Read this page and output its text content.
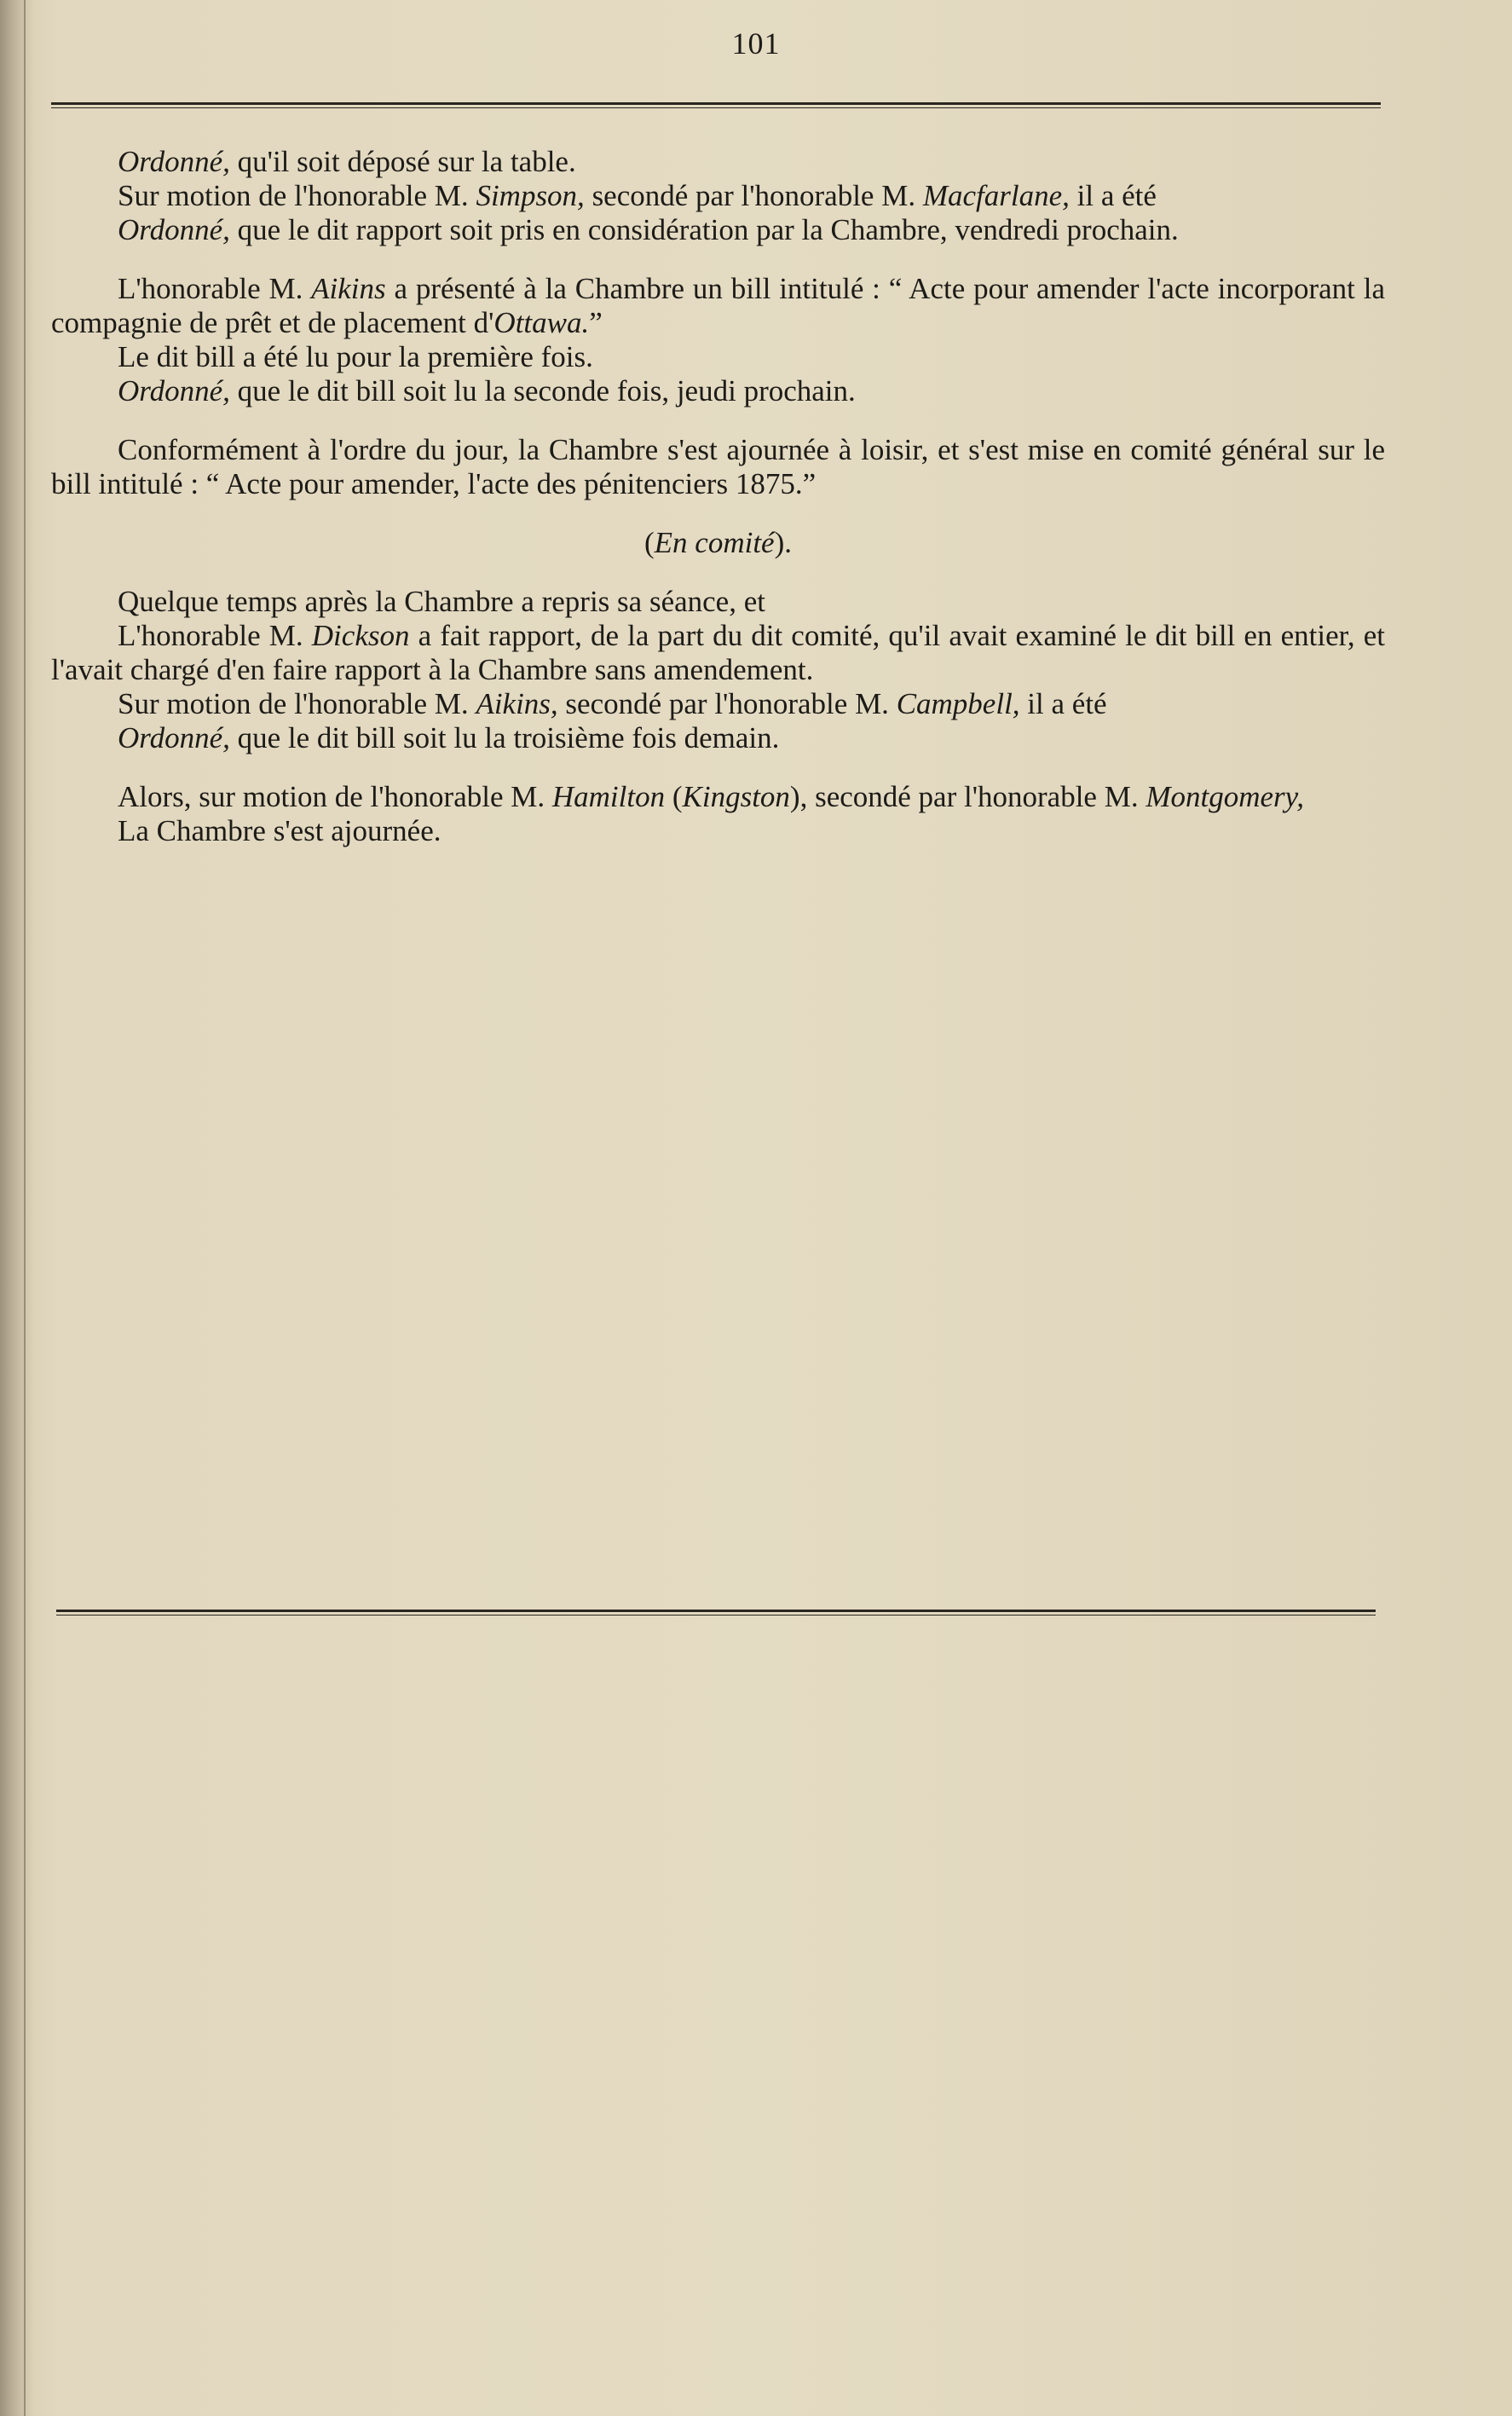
101

Ordonné, qu'il soit déposé sur la table.

Sur motion de l'honorable M. Simpson, secondé par l'honorable M. Macfarlane, il a été

Ordonné, que le dit rapport soit pris en considération par la Chambre, vendredi prochain.

L'honorable M. Aikins a présenté à la Chambre un bill intitulé : “ Acte pour amender l'acte incorporant la compagnie de prêt et de placement d'Ottawa.”

Le dit bill a été lu pour la première fois.

Ordonné, que le dit bill soit lu la seconde fois, jeudi prochain.

Conformément à l'ordre du jour, la Chambre s'est ajournée à loisir, et s'est mise en comité général sur le bill intitulé : “ Acte pour amender, l'acte des pénitenciers 1875.”

(En comité).

Quelque temps après la Chambre a repris sa séance, et

L'honorable M. Dickson a fait rapport, de la part du dit comité, qu'il avait examiné le dit bill en entier, et l'avait chargé d'en faire rapport à la Chambre sans amendement.

Sur motion de l'honorable M. Aikins, secondé par l'honorable M. Campbell, il a été

Ordonné, que le dit bill soit lu la troisième fois demain.

Alors, sur motion de l'honorable M. Hamilton (Kingston), secondé par l'honorable M. Montgomery,

La Chambre s'est ajournée.
